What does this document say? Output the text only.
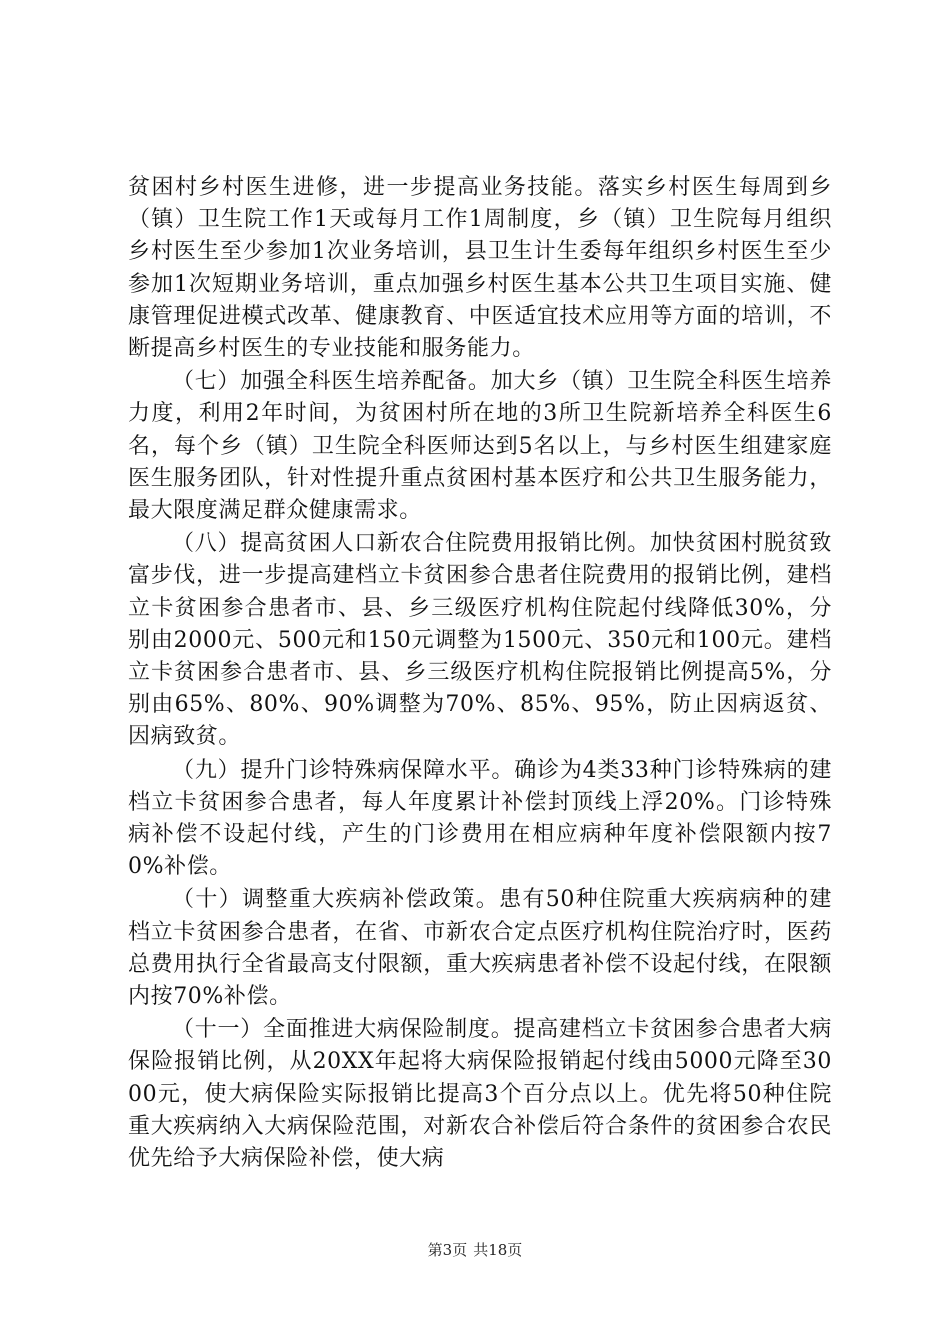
贫困村乡村医生进修，进一步提高业务技能。落实乡村医生每周到乡（镇）卫生院工作1天或每月工作1周制度，乡（镇）卫生院每月组织乡村医生至少参加1次业务培训，县卫生计生委每年组织乡村医生至少参加1次短期业务培训，重点加强乡村医生基本公共卫生项目实施、健康管理促进模式改革、健康教育、中医适宜技术应用等方面的培训，不断提高乡村医生的专业技能和服务能力。

（七）加强全科医生培养配备。加大乡（镇）卫生院全科医生培养力度，利用2年时间，为贫困村所在地的3所卫生院新培养全科医生6名，每个乡（镇）卫生院全科医师达到5名以上，与乡村医生组建家庭医生服务团队，针对性提升重点贫困村基本医疗和公共卫生服务能力，最大限度满足群众健康需求。

（八）提高贫困人口新农合住院费用报销比例。加快贫困村脱贫致富步伐，进一步提高建档立卡贫困参合患者住院费用的报销比例，建档立卡贫困参合患者市、县、乡三级医疗机构住院起付线降低30%，分别由2000元、500元和150元调整为1500元、350元和100元。建档立卡贫困参合患者市、县、乡三级医疗机构住院报销比例提高5%，分别由65%、80%、90%调整为70%、85%、95%，防止因病返贫、因病致贫。

（九）提升门诊特殊病保障水平。确诊为4类33种门诊特殊病的建档立卡贫困参合患者，每人年度累计补偿封顶线上浮20%。门诊特殊病补偿不设起付线，产生的门诊费用在相应病种年度补偿限额内按70%补偿。

（十）调整重大疾病补偿政策。患有50种住院重大疾病病种的建档立卡贫困参合患者，在省、市新农合定点医疗机构住院治疗时，医药总费用执行全省最高支付限额，重大疾病患者补偿不设起付线，在限额内按70%补偿。

（十一）全面推进大病保险制度。提高建档立卡贫困参合患者大病保险报销比例，从20XX年起将大病保险报销起付线由5000元降至3000元，使大病保险实际报销比提高3个百分点以上。优先将50种住院重大疾病纳入大病保险范围，对新农合补偿后符合条件的贫困参合农民优先给予大病保险补偿，使大病

第3页 共18页
